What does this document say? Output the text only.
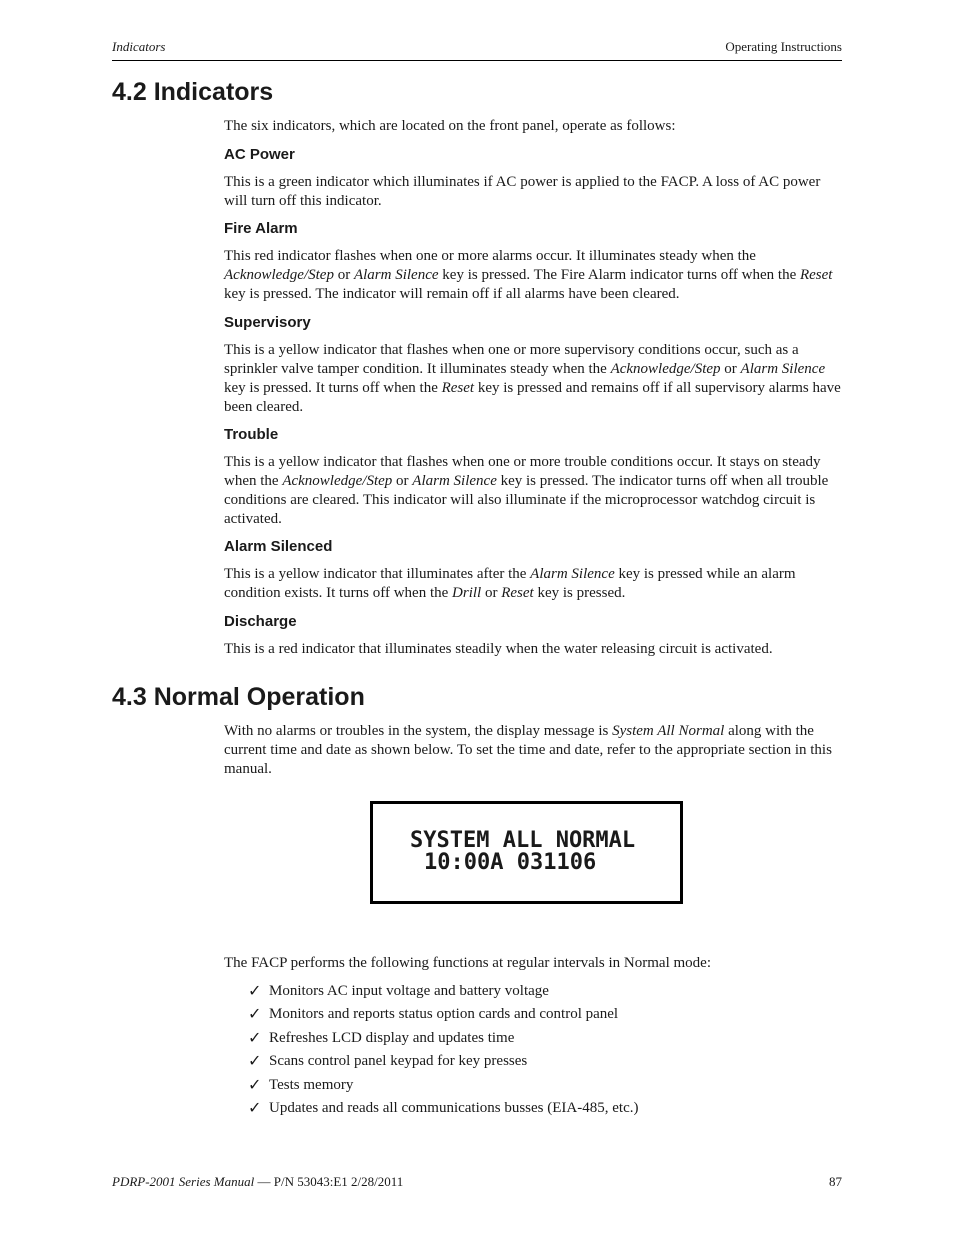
Indicators	Operating Instructions
4.2 Indicators

The six indicators, which are located on the front panel, operate as follows:

AC Power

This is a green indicator which illuminates if AC power is applied to the FACP. A loss of AC power will turn off this indicator.

Fire Alarm

This red indicator flashes when one or more alarms occur. It illuminates steady when the Acknowledge/Step or Alarm Silence key is pressed. The Fire Alarm indicator turns off when the Reset key is pressed. The indicator will remain off if all alarms have been cleared.

Supervisory

This is a yellow indicator that flashes when one or more supervisory conditions occur, such as a sprinkler valve tamper condition. It illuminates steady when the Acknowledge/Step or Alarm Silence key is pressed. It turns off when the Reset key is pressed and remains off if all supervisory alarms have been cleared.

Trouble

This is a yellow indicator that flashes when one or more trouble conditions occur. It stays on steady when the Acknowledge/Step or Alarm Silence key is pressed. The indicator turns off when all trouble conditions are cleared. This indicator will also illuminate if the microprocessor watchdog circuit is activated.

Alarm Silenced

This is a yellow indicator that illuminates after the Alarm Silence key is pressed while an alarm condition exists. It turns off when the Drill or Reset key is pressed.

Discharge

This is a red indicator that illuminates steadily when the water releasing circuit is activated.

4.3 Normal Operation

With no alarms or troubles in the system, the display message is System All Normal along with the current time and date as shown below. To set the time and date, refer to the appropriate section in this manual.

SYSTEM ALL NORMAL
10:00A 031106

The FACP performs the following functions at regular intervals in Normal mode:

✓ Monitors AC input voltage and battery voltage
✓ Monitors and reports status option cards and control panel
✓ Refreshes LCD display and updates time
✓ Scans control panel keypad for key presses
✓ Tests memory
✓ Updates and reads all communications busses (EIA-485, etc.)
PDRP-2001 Series Manual — P/N 53043:E1 2/28/2011	87
